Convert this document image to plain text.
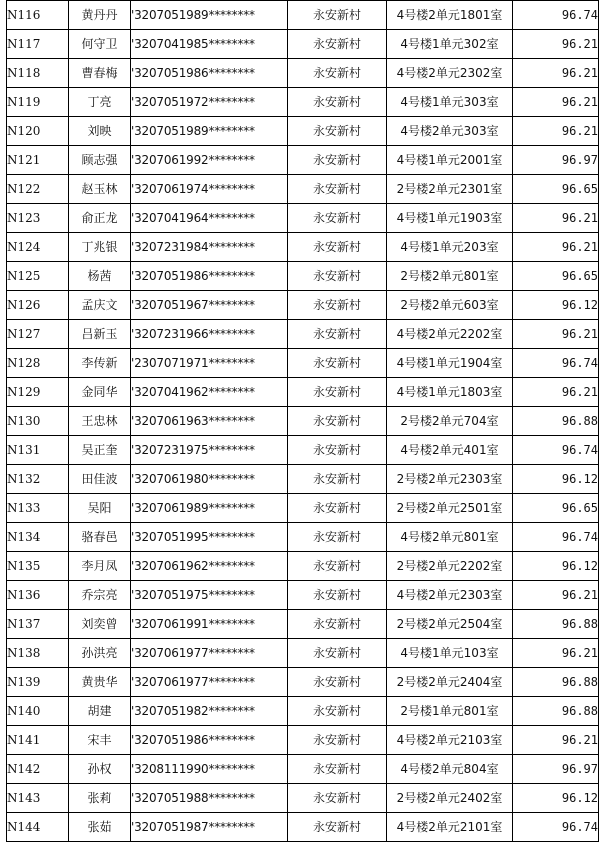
N116	黄丹丹	'3207051989********	永安新村	4号楼2单元1801室	96.74
N117	何守卫	'3207041985********	永安新村	4号楼1单元302室	96.21
N118	曹春梅	'3207051986********	永安新村	4号楼2单元2302室	96.21
N119	丁亮	'3207051972********	永安新村	4号楼1单元303室	96.21
N120	刘映	'3207051989********	永安新村	4号楼2单元303室	96.21
N121	顾志强	'3207061992********	永安新村	4号楼1单元2001室	96.97
N122	赵玉林	'3207061974********	永安新村	2号楼2单元2301室	96.65
N123	俞正龙	'3207041964********	永安新村	4号楼1单元1903室	96.21
N124	丁兆银	'3207231984********	永安新村	4号楼1单元203室	96.21
N125	杨茜	'3207051986********	永安新村	2号楼2单元801室	96.65
N126	孟庆文	'3207051967********	永安新村	2号楼2单元603室	96.12
N127	吕新玉	'3207231966********	永安新村	4号楼2单元2202室	96.21
N128	李传新	'2307071971********	永安新村	4号楼1单元1904室	96.74
N129	金同华	'3207041962********	永安新村	4号楼1单元1803室	96.21
N130	王忠林	'3207061963********	永安新村	2号楼2单元704室	96.88
N131	吴正奎	'3207231975********	永安新村	4号楼2单元401室	96.74
N132	田佳波	'3207061980********	永安新村	2号楼2单元2303室	96.12
N133	吴阳	'3207061989********	永安新村	2号楼2单元2501室	96.65
N134	骆春邑	'3207051995********	永安新村	4号楼2单元801室	96.74
N135	李月凤	'3207061962********	永安新村	2号楼2单元2202室	96.12
N136	乔宗亮	'3207051975********	永安新村	4号楼2单元2303室	96.21
N137	刘奕曾	'3207061991********	永安新村	2号楼2单元2504室	96.88
N138	孙洪亮	'3207061977********	永安新村	4号楼1单元103室	96.21
N139	黄贵华	'3207061977********	永安新村	2号楼2单元2404室	96.88
N140	胡建	'3207051982********	永安新村	2号楼1单元801室	96.88
N141	宋丰	'3207051986********	永安新村	4号楼2单元2103室	96.21
N142	孙权	'3208111990********	永安新村	4号楼2单元804室	96.97
N143	张莉	'3207051988********	永安新村	2号楼2单元2402室	96.12
N144	张茹	'3207051987********	永安新村	4号楼2单元2101室	96.74
